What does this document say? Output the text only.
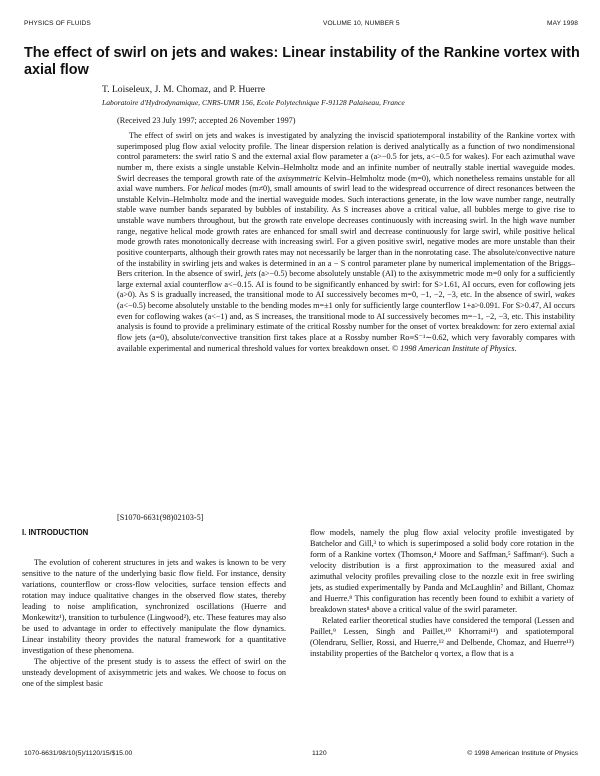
PHYSICS OF FLUIDS	VOLUME 10, NUMBER 5	MAY 1998
The effect of swirl on jets and wakes: Linear instability of the Rankine vortex with axial flow
T. Loiseleux, J. M. Chomaz, and P. Huerre
Laboratoire d'Hydrodynamique, CNRS-UMR 156, Ecole Polytechnique F-91128 Palaiseau, France
(Received 23 July 1997; accepted 26 November 1997)

The effect of swirl on jets and wakes is investigated by analyzing the inviscid spatiotemporal instability of the Rankine vortex with superimposed plug flow axial velocity profile. The linear dispersion relation is derived analytically as a function of two nondimensional control parameters: the swirl ratio S and the external axial flow parameter a (a>−0.5 for jets, a<−0.5 for wakes). For each azimuthal wave number m, there exists a single unstable Kelvin–Helmholtz mode and an infinite number of neutrally stable inertial waveguide modes. Swirl decreases the temporal growth rate of the axisymmetric Kelvin–Helmholtz mode (m=0), which nonetheless remains unstable for all axial wave numbers. For helical modes (m≠0), small amounts of swirl lead to the widespread occurrence of direct resonances between the unstable Kelvin–Helmholtz mode and the inertial waveguide modes. Such interactions generate, in the low wave number range, neutrally stable wave number bands separated by bubbles of instability. As S increases above a critical value, all bubbles merge to give rise to unstable wave numbers throughout, but the growth rate envelope decreases continuously with increasing swirl. In the high wave number range, negative helical mode growth rates are enhanced for small swirl and decrease continuously for large swirl, while positive helical mode growth rates monotonically decrease with increasing swirl. For a given positive swirl, negative modes are more unstable than their positive counterparts, although their growth rates may not necessarily be larger than in the nonrotating case. The absolute/convective nature of the instability in swirling jets and wakes is determined in an a − S control parameter plane by numerical implementation of the Briggs–Bers criterion. In the absence of swirl, jets (a>−0.5) become absolutely unstable (AI) to the axisymmetric mode m=0 only for a sufficiently large external axial counterflow a<−0.15. AI is found to be significantly enhanced by swirl: for S>1.61, AI occurs, even for coflowing jets (a>0). As S is gradually increased, the transitional mode to AI successively becomes m=0, −1, −2, −3, etc. In the absence of swirl, wakes (a<−0.5) become absolutely unstable to the bending modes m=±1 only for sufficiently large counterflow 1+a>0.091. For S>0.47, AI occurs even for coflowing wakes (a<−1) and, as S increases, the transitional mode to AI successively becomes m=−1, −2, −3, etc. This instability analysis is found to provide a preliminary estimate of the critical Rossby number for the onset of vortex breakdown: for zero external axial flow jets (a=0), absolute/convective transition first takes place at a Rossby number Ro≡S⁻¹∼0.62, which very favorably compares with available experimental and numerical threshold values for vortex breakdown onset. © 1998 American Institute of Physics.

[S1070-6631(98)02103-5]
I. INTRODUCTION

The evolution of coherent structures in jets and wakes is known to be very sensitive to the nature of the underlying basic flow field. For instance, density variations, counterflow or cross-flow velocities, surface tension effects and rotation may induce qualitative changes in the observed flow states, thereby leading to noise amplification, synchronized oscillations (Huerre and Monkewitz¹), transition to turbulence (Lingwood²), etc. These features may also be used to advantage in order to effectively manipulate the flow dynamics. Linear instability theory provides the natural framework for a quantitative investigation of these phenomena.

The objective of the present study is to assess the effect of swirl on the unsteady development of axisymmetric jets and wakes. We choose to focus on one of the simplest basic

flow models, namely the plug flow axial velocity profile investigated by Batchelor and Gill,³ to which is superimposed a solid body core rotation in the form of a Rankine vortex (Thomson,⁴ Moore and Saffman,⁵ Saffman⁶). Such a velocity distribution is a first approximation to the measured axial and azimuthal velocity profiles prevailing close to the nozzle exit in free swirling jets, as studied experimentally by Panda and McLaughlin⁷ and Billant, Chomaz and Huerre.⁸ This configuration has recently been found to exhibit a variety of breakdown states⁸ above a critical value of the swirl parameter.

Related earlier theoretical studies have considered the temporal (Lessen and Paillet,⁹ Lessen, Singh and Paillet,¹⁰ Khorrami¹¹) and spatiotemporal (Olendraru, Sellier, Rossi, and Huerre,¹² and Delbende, Chomaz, and Huerre¹³) instability properties of the Batchelor q vortex, a flow that is a

1070-6631/98/10(5)/1120/15/$15.00	1120	© 1998 American Institute of Physics
